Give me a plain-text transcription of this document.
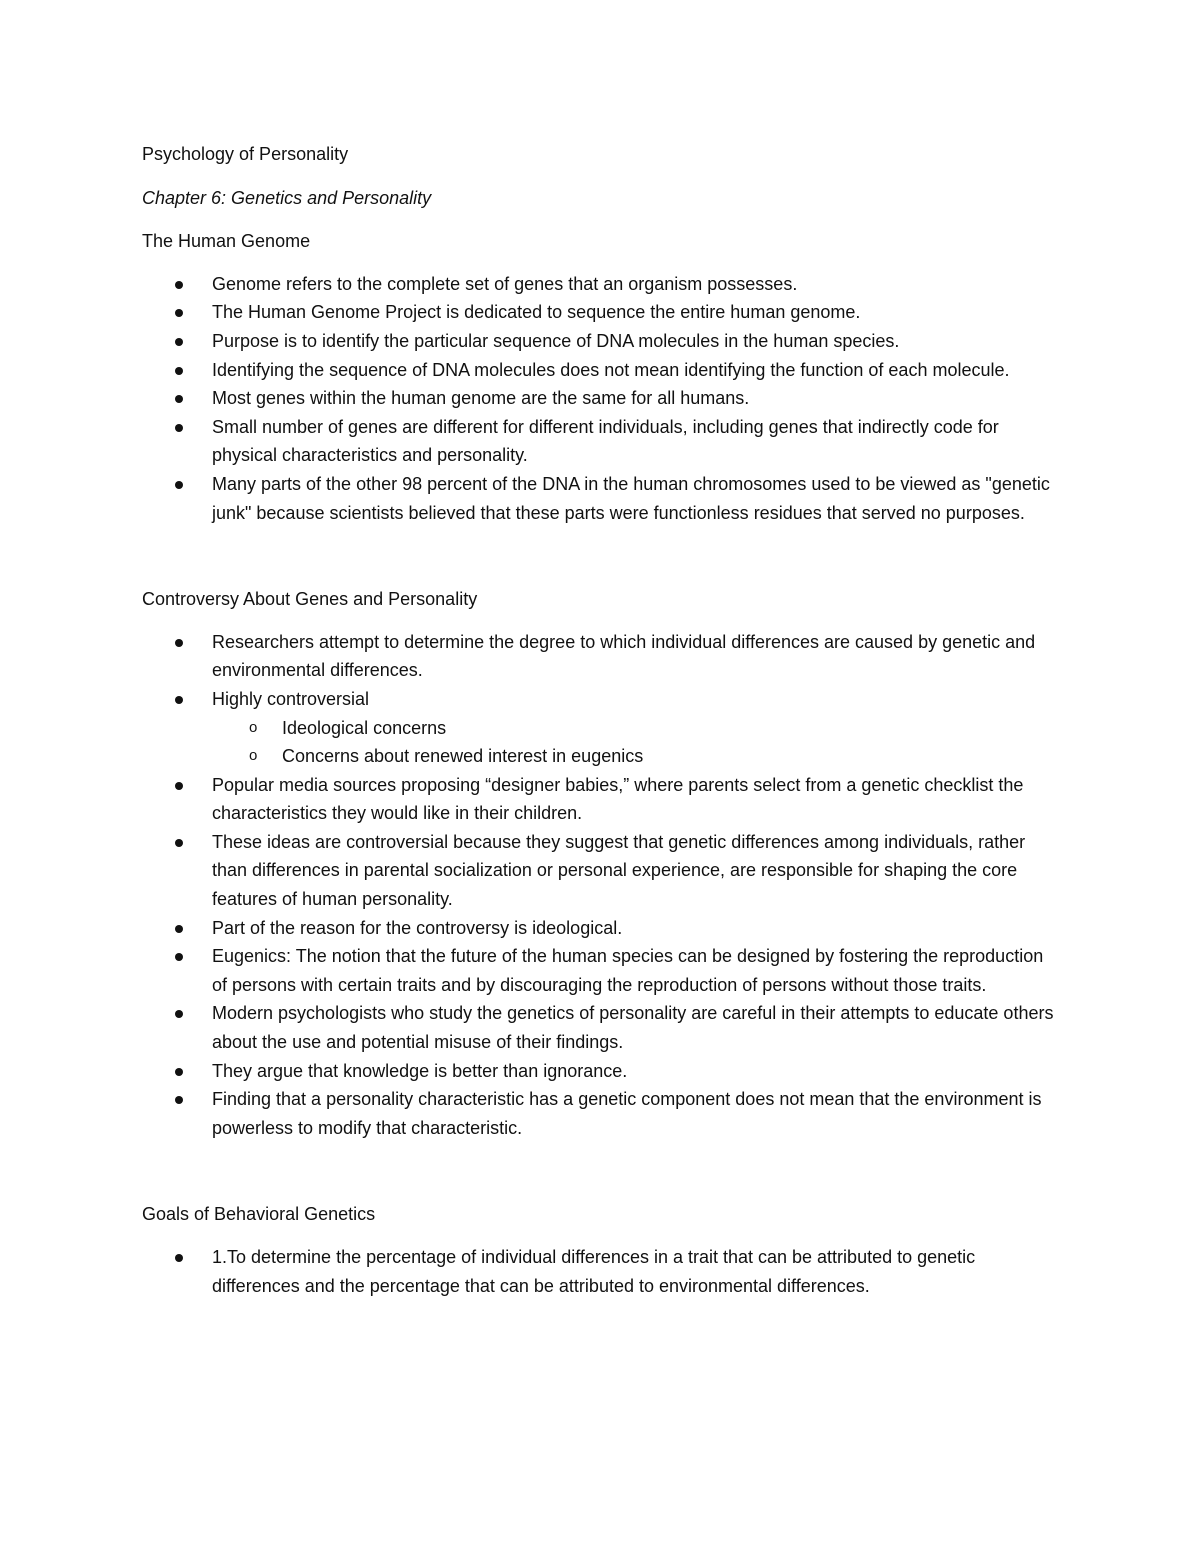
Psychology of Personality

Chapter 6: Genetics and Personality

The Human Genome

Genome refers to the complete set of genes that an organism possesses.
The Human Genome Project is dedicated to sequence the entire human genome.
Purpose is to identify the particular sequence of DNA molecules in the human species.
Identifying the sequence of DNA molecules does not mean identifying the function of each molecule.
Most genes within the human genome are the same for all humans.
Small number of genes are different for different individuals, including genes that indirectly code for physical characteristics and personality.
Many parts of the other 98 percent of the DNA in the human chromosomes used to be viewed as "genetic junk" because scientists believed that these parts were functionless residues that served no purposes.

Controversy About Genes and Personality

Researchers attempt to determine the degree to which individual differences are caused by genetic and environmental differences.
Highly controversial
o Ideological concerns
o Concerns about renewed interest in eugenics
Popular media sources proposing “designer babies,” where parents select from a genetic checklist the characteristics they would like in their children.
These ideas are controversial because they suggest that genetic differences among individuals, rather than differences in parental socialization or personal experience, are responsible for shaping the core features of human personality.
Part of the reason for the controversy is ideological.
Eugenics: The notion that the future of the human species can be designed by fostering the reproduction of persons with certain traits and by discouraging the reproduction of persons without those traits.
Modern psychologists who study the genetics of personality are careful in their attempts to educate others about the use and potential misuse of their findings.
They argue that knowledge is better than ignorance.
Finding that a personality characteristic has a genetic component does not mean that the environment is powerless to modify that characteristic.

Goals of Behavioral Genetics

1.To determine the percentage of individual differences in a trait that can be attributed to genetic differences and the percentage that can be attributed to environmental differences.
